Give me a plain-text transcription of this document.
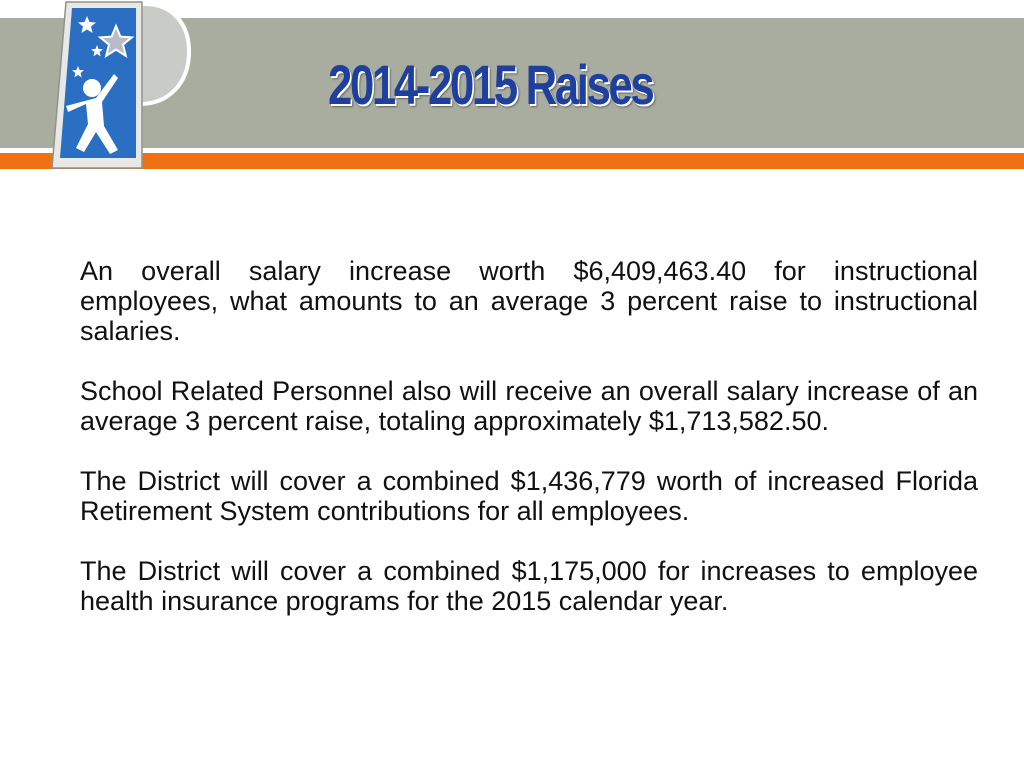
2014-2015 Raises

An overall salary increase worth $6,409,463.40 for instructional employees, what amounts to an average 3 percent raise to instructional salaries.

School Related Personnel also will receive an overall salary increase of an average 3 percent raise, totaling approximately $1,713,582.50.

The District will cover a combined $1,436,779 worth of increased Florida Retirement System contributions for all employees.

The District will cover a combined $1,175,000 for increases to employee health insurance programs for the 2015 calendar year.
